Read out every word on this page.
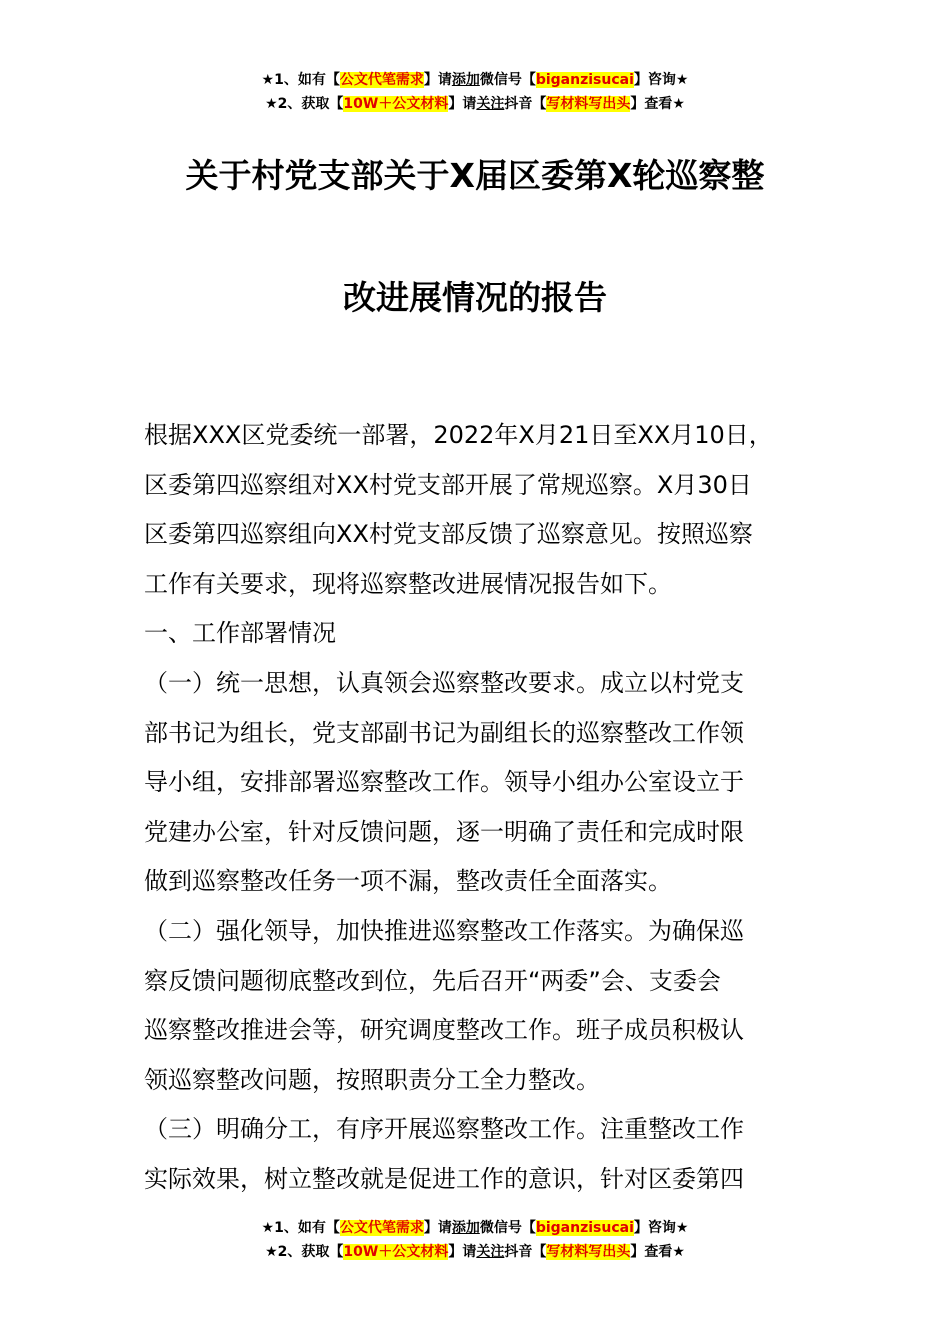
★1、如有【公文代笔需求】请添加微信号【biganzisucai】咨询★
★2、获取【10W＋公文材料】请关注抖音【写材料写出头】查看★
关于村党支部关于X届区委第X轮巡察整
改进展情况的报告
根据XXX区党委统一部署，2022年X月21日至XX月10日，
区委第四巡察组对XX村党支部开展了常规巡察。X月30日
区委第四巡察组向XX村党支部反馈了巡察意见。按照巡察
工作有关要求，现将巡察整改进展情况报告如下。
一、工作部署情况
（一）统一思想，认真领会巡察整改要求。成立以村党支
部书记为组长，党支部副书记为副组长的巡察整改工作领
导小组，安排部署巡察整改工作。领导小组办公室设立于
党建办公室，针对反馈问题，逐一明确了责任和完成时限
做到巡察整改任务一项不漏，整改责任全面落实。
（二）强化领导，加快推进巡察整改工作落实。为确保巡
察反馈问题彻底整改到位，先后召开“两委”会、支委会
巡察整改推进会等，研究调度整改工作。班子成员积极认
领巡察整改问题，按照职责分工全力整改。
（三）明确分工，有序开展巡察整改工作。注重整改工作
实际效果，树立整改就是促进工作的意识，针对区委第四
★1、如有【公文代笔需求】请添加微信号【biganzisucai】咨询★
★2、获取【10W＋公文材料】请关注抖音【写材料写出头】查看★
